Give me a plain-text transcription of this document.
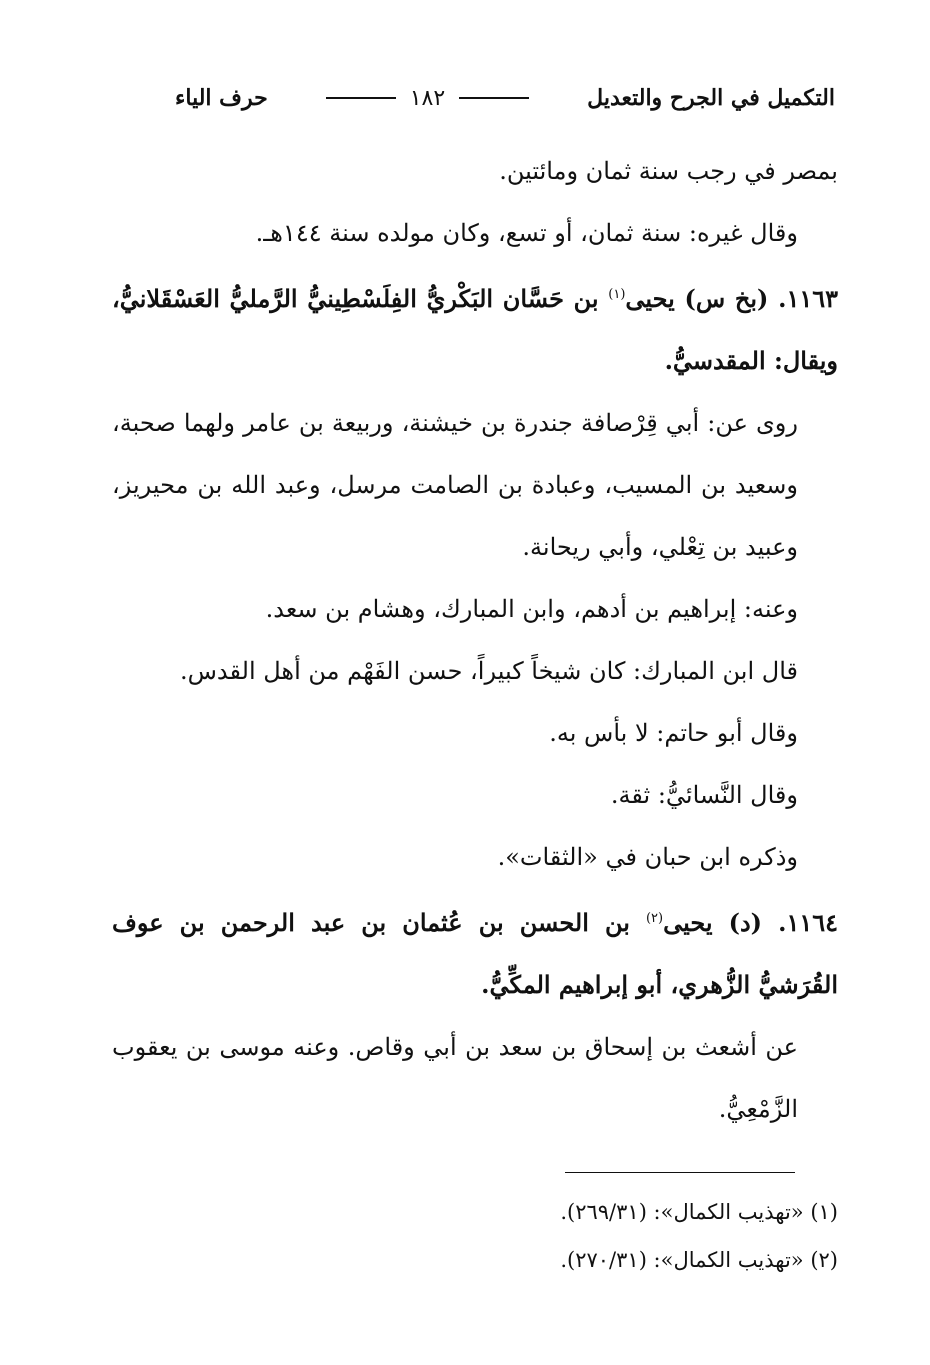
التكميل في الجرح والتعديل
١٨٢
حرف الياء

بمصر في رجب سنة ثمان ومائتين.

وقال غيره: سنة ثمان، أو تسع، وكان مولده سنة ١٤٤هـ.

١١٦٣. (بخ س) يحيى$^{(١)}$ بن حَسَّان البَكْريُّ الفِلَسْطِينيُّ الرَّمليُّ العَسْقَلانيُّ، ويقال: المقدسيُّ.

روى عن: أبي قِرْصافة جندرة بن خيشنة، وربيعة بن عامر ولهما صحبة، وسعيد بن المسيب، وعبادة بن الصامت مرسل، وعبد الله بن محيريز، وعبيد بن تِعْلي، وأبي ريحانة.

وعنه: إبراهيم بن أدهم، وابن المبارك، وهشام بن سعد.

قال ابن المبارك: كان شيخاً كبيراً، حسن الفَهْم من أهل القدس.

وقال أبو حاتم: لا بأس به.

وقال النَّسائيُّ: ثقة.

وذكره ابن حبان في «الثقات».

١١٦٤. (د) يحيى$^{(٢)}$ بن الحسن بن عُثمان بن عبد الرحمن بن عوف القُرَشيُّ الزُّهري، أبو إبراهيم المكِّيُّ.

عن أشعث بن إسحاق بن سعد بن أبي وقاص. وعنه موسى بن يعقوب الزَّمْعِيُّ.

(١) «تهذيب الكمال»: (٢٦٩/٣١).

(٢) «تهذيب الكمال»: (٢٧٠/٣١).
